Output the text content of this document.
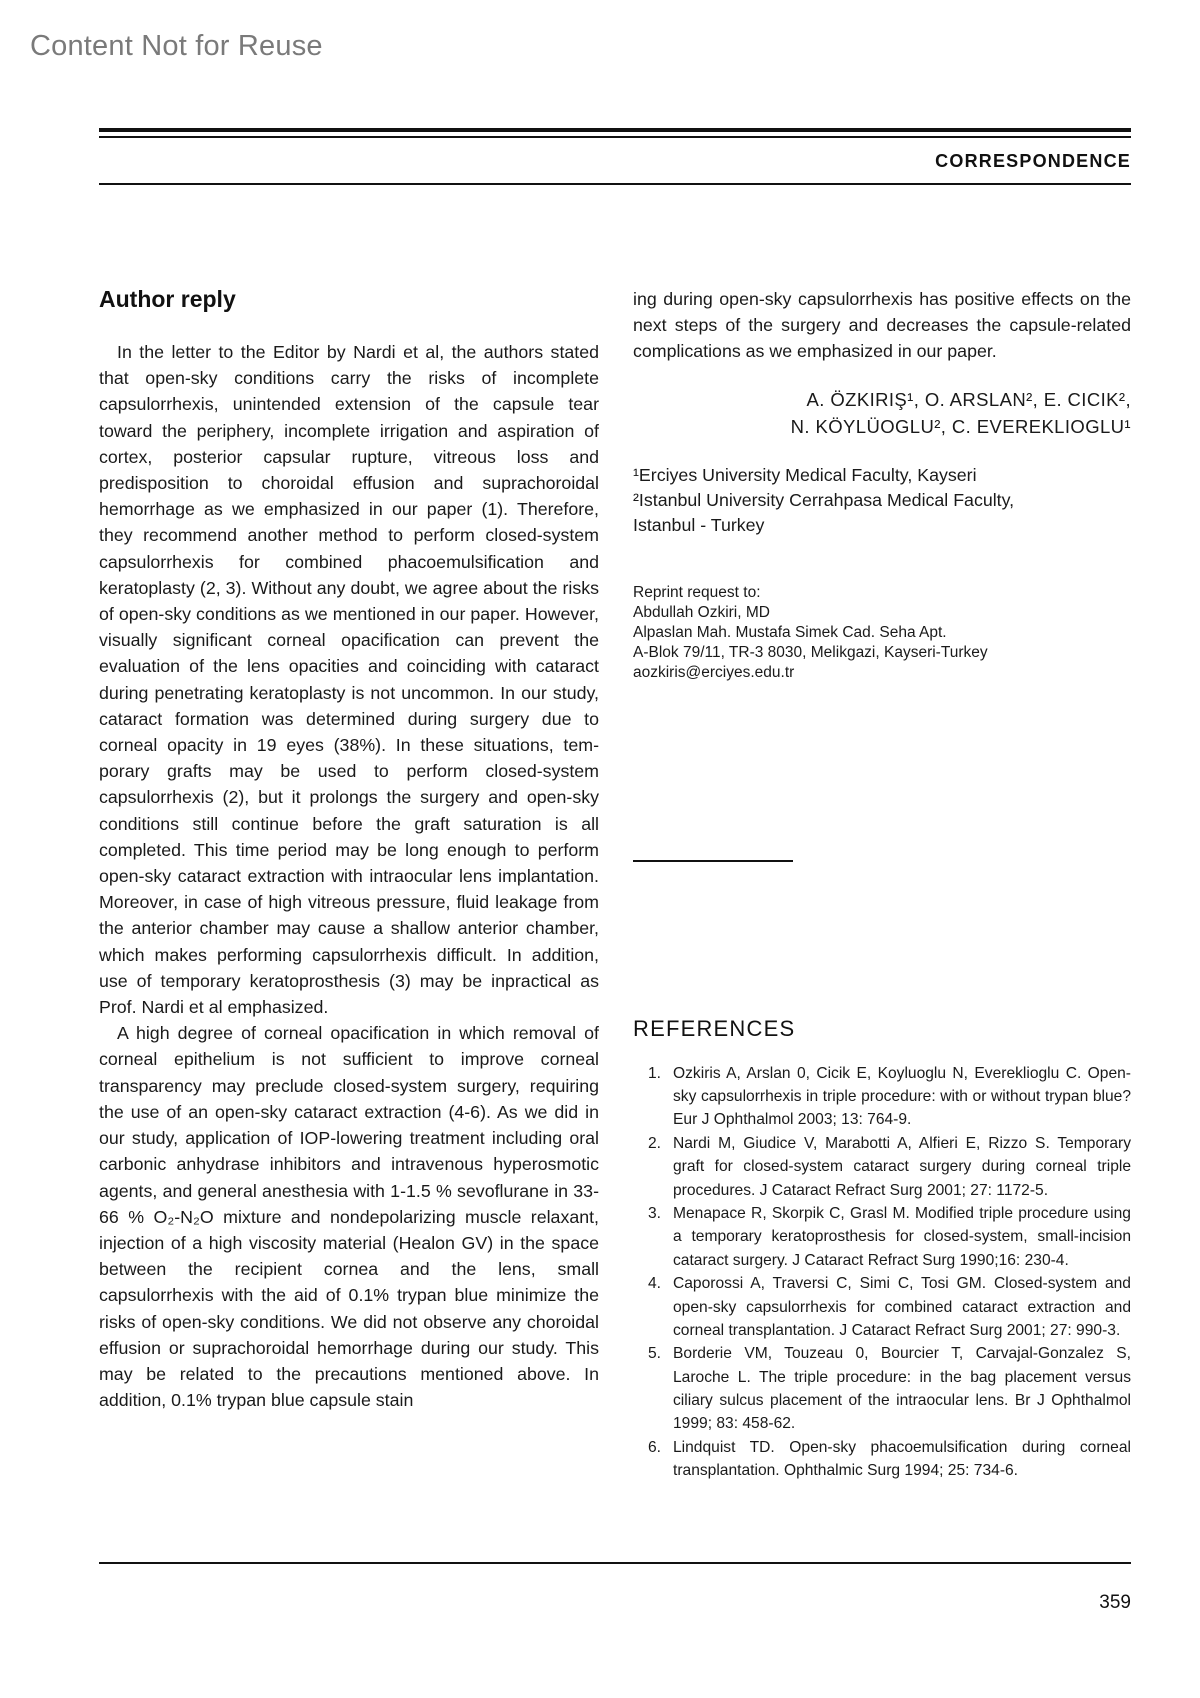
Content Not for Reuse
CORRESPONDENCE
Author reply

In the letter to the Editor by Nardi et al, the authors stated that open-sky conditions carry the risks of incomplete capsulorrhexis, unintended extension of the capsule tear toward the periphery, incomplete irrigation and aspiration of cortex, posterior capsular rupture, vitreous loss and predisposition to choroidal effusion and suprachoroidal hemorrhage as we emphasized in our paper (1). Therefore, they recommend another method to perform closed-system capsulorrhexis for combined phacoemulsification and keratoplasty (2, 3). Without any doubt, we agree about the risks of open-sky conditions as we mentioned in our paper. However, visually significant corneal opacification can prevent the evaluation of the lens opacities and coinciding with cataract during penetrating keratoplasty is not uncommon. In our study, cataract formation was determined during surgery due to corneal opacity in 19 eyes (38%). In these situations, temporary grafts may be used to perform closed-system capsulorrhexis (2), but it prolongs the surgery and open-sky conditions still continue before the graft saturation is all completed. This time period may be long enough to perform open-sky cataract extraction with intraocular lens implantation. Moreover, in case of high vitreous pressure, fluid leakage from the anterior chamber may cause a shallow anterior chamber, which makes performing capsulorrhexis difficult. In addition, use of temporary keratoprosthesis (3) may be inpractical as Prof. Nardi et al emphasized.

A high degree of corneal opacification in which removal of corneal epithelium is not sufficient to improve corneal transparency may preclude closed-system surgery, requiring the use of an open-sky cataract extraction (4-6). As we did in our study, application of IOP-lowering treatment including oral carbonic anhydrase inhibitors and intravenous hyperosmotic agents, and general anesthesia with 1-1.5 % sevoflurane in 33-66 % O₂-N₂O mixture and nondepolarizing muscle relaxant, injection of a high viscosity material (Healon GV) in the space between the recipient cornea and the lens, small capsulorrhexis with the aid of 0.1% trypan blue minimize the risks of open-sky conditions. We did not observe any choroidal effusion or suprachoroidal hemorrhage during our study. This may be related to the precautions mentioned above. In addition, 0.1% trypan blue capsule stain

ing during open-sky capsulorrhexis has positive effects on the next steps of the surgery and decreases the capsule-related complications as we emphasized in our paper.

A. ÖZKIRIŞ¹, O. ARSLAN², E. CICIK²,
N. KÖYLÜOGLU², C. EVEREKLIOGLU¹
¹Erciyes University Medical Faculty, Kayseri
²Istanbul University Cerrahpasa Medical Faculty,
Istanbul - Turkey
Reprint request to:
Abdullah Ozkiri, MD
Alpaslan Mah. Mustafa Simek Cad. Seha Apt.
A-Blok 79/11, TR-3 8030, Melikgazi, Kayseri-Turkey
aozkiris@erciyes.edu.tr
REFERENCES
1. Ozkiris A, Arslan 0, Cicik E, Koyluoglu N, Evereklioglu C. Open-sky capsulorrhexis in triple procedure: with or without trypan blue? Eur J Ophthalmol 2003; 13: 764-9.
2. Nardi M, Giudice V, Marabotti A, Alfieri E, Rizzo S. Temporary graft for closed-system cataract surgery during corneal triple procedures. J Cataract Refract Surg 2001; 27: 1172-5.
3. Menapace R, Skorpik C, Grasl M. Modified triple procedure using a temporary keratoprosthesis for closed-system, small-incision cataract surgery. J Cataract Refract Surg 1990;16: 230-4.
4. Caporossi A, Traversi C, Simi C, Tosi GM. Closed-system and open-sky capsulorrhexis for combined cataract extraction and corneal transplantation. J Cataract Refract Surg 2001; 27: 990-3.
5. Borderie VM, Touzeau 0, Bourcier T, Carvajal-Gonzalez S, Laroche L. The triple procedure: in the bag placement versus ciliary sulcus placement of the intraocular lens. Br J Ophthalmol 1999; 83: 458-62.
6. Lindquist TD. Open-sky phacoemulsification during corneal transplantation. Ophthalmic Surg 1994; 25: 734-6.
359
